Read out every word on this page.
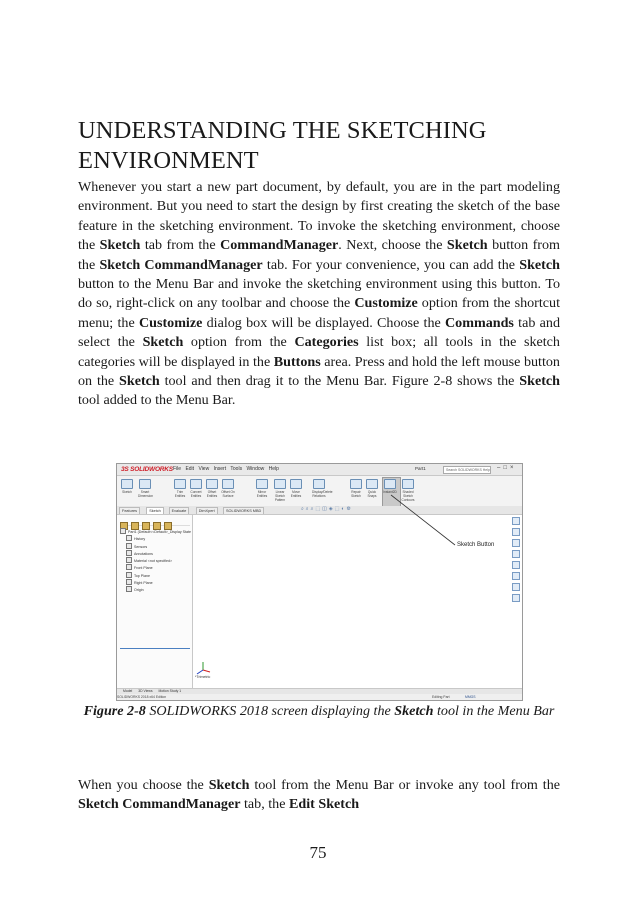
UNDERSTANDING THE SKETCHING ENVIRONMENT

Whenever you start a new part document, by default, you are in the part modeling environment. But you need to start the design by first creating the sketch of the base feature in the sketching environment. To invoke the sketching environment, choose the Sketch tab from the CommandManager. Next, choose the Sketch button from the Sketch CommandManager tab. For your convenience, you can add the Sketch button to the Menu Bar and invoke the sketching environment using this button. To do so, right-click on any toolbar and choose the Customize option from the shortcut menu; the Customize dialog box will be displayed. Choose the Commands tab and select the Sketch option from the Categories list box; all tools in the sketch categories will be displayed in the Buttons area. Press and hold the left mouse button on the Sketch tool and then drag it to the Menu Bar. Figure 2-8 shows the Sketch tool added to the Menu Bar.

3S SOLIDWORKS File Edit View Insert Tools Window Help	Part1	Search SOLIDWORKS Help –□×
Sketch	Smart Dimension
Trim Entities
Convert Entities
Offset Entities
Offset On Surface
Mirror Entities
Linear Sketch Pattern
Move Entities
Display/Delete Relations
Repair Sketch
Quick Snaps
Instant2D	Shaded Sketch Contours
Features	Sketch	Evaluate	DimXpert	SOLIDWORKS MBD	⌕⌕⌕⬚◫◈⬚◐⚙
Part1 (Default<<Default>_Display State
History
Sensors
Annotations
Material <not specified>
Front Plane
Top Plane
Right Plane
Origin
Sketch Button
*Trimetric
Model 3D Views Motion Study 1
SOLIDWORKS 2018 x64 Edition	Editing Part	MMGS
Figure 2-8 SOLIDWORKS 2018 screen displaying the Sketch tool in the Menu Bar

When you choose the Sketch tool from the Menu Bar or invoke any tool from the Sketch CommandManager tab, the Edit Sketch

75
